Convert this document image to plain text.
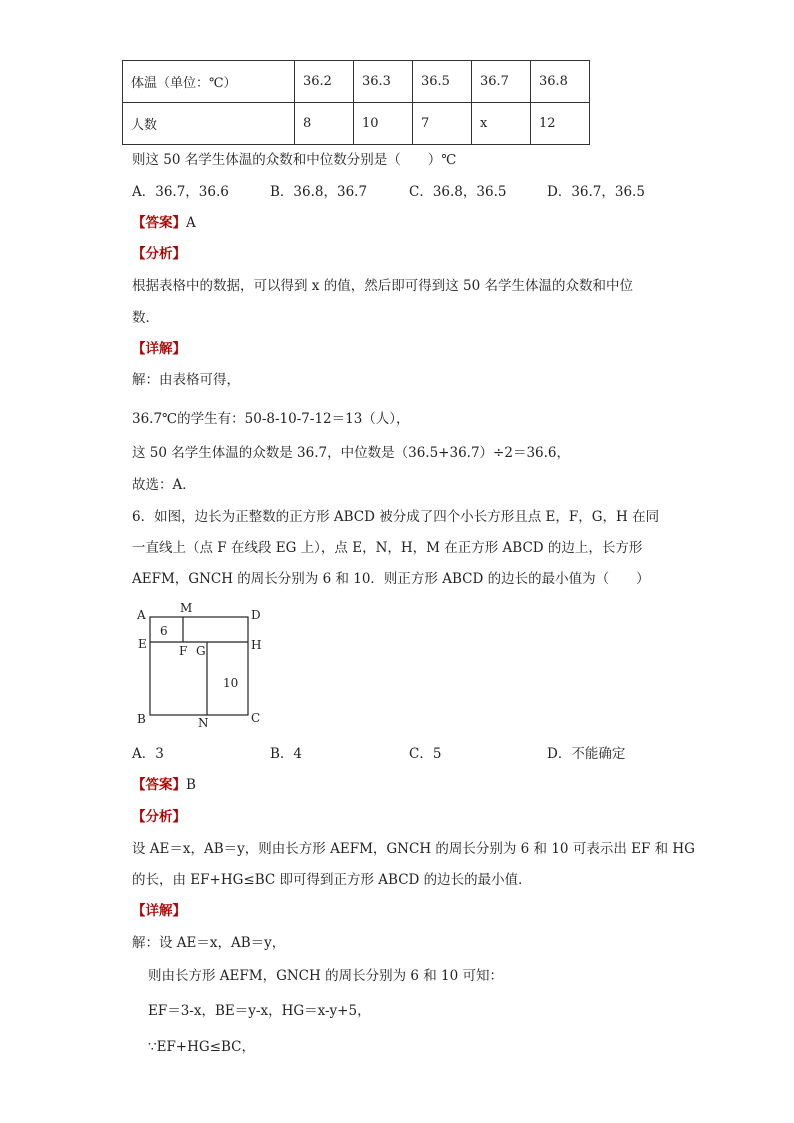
体温（单位：℃）	36.2	36.3	36.5	36.7	36.8
人数	8	10	7	x	12
则这 50 名学生体温的众数和中位数分别是（　　）℃
A．36.7，36.6	B．36.8，36.7	C．36.8，36.5	D．36.7，36.5
【答案】A
【分析】
根据表格中的数据，可以得到 x 的值，然后即可得到这 50 名学生体温的众数和中位
数．
【详解】
解：由表格可得，
36.7℃的学生有：50-8-10-7-12＝13（人），
这 50 名学生体温的众数是 36.7，中位数是（36.5+36.7）÷2＝36.6，
故选：A．
6．如图，边长为正整数的正方形 ABCD 被分成了四个小长方形且点 E，F，G，H 在同
一直线上（点 F 在线段 EG 上），点 E，N，H，M 在正方形 ABCD 的边上，长方形
AEFM，GNCH 的周长分别为 6 和 10．则正方形 ABCD 的边长的最小值为（　　）
A	M	D
E	H
F G
B	N	C
6
10
A．3	B．4	C．5	D．不能确定
【答案】B
【分析】
设 AE＝x，AB＝y，则由长方形 AEFM，GNCH 的周长分别为 6 和 10 可表示出 EF 和 HG
的长，由 EF+HG≤BC 即可得到正方形 ABCD 的边长的最小值．
【详解】
解：设 AE＝x，AB＝y，
则由长方形 AEFM，GNCH 的周长分别为 6 和 10 可知：
EF＝3-x，BE＝y-x，HG＝x-y+5，
∵EF+HG≤BC，
